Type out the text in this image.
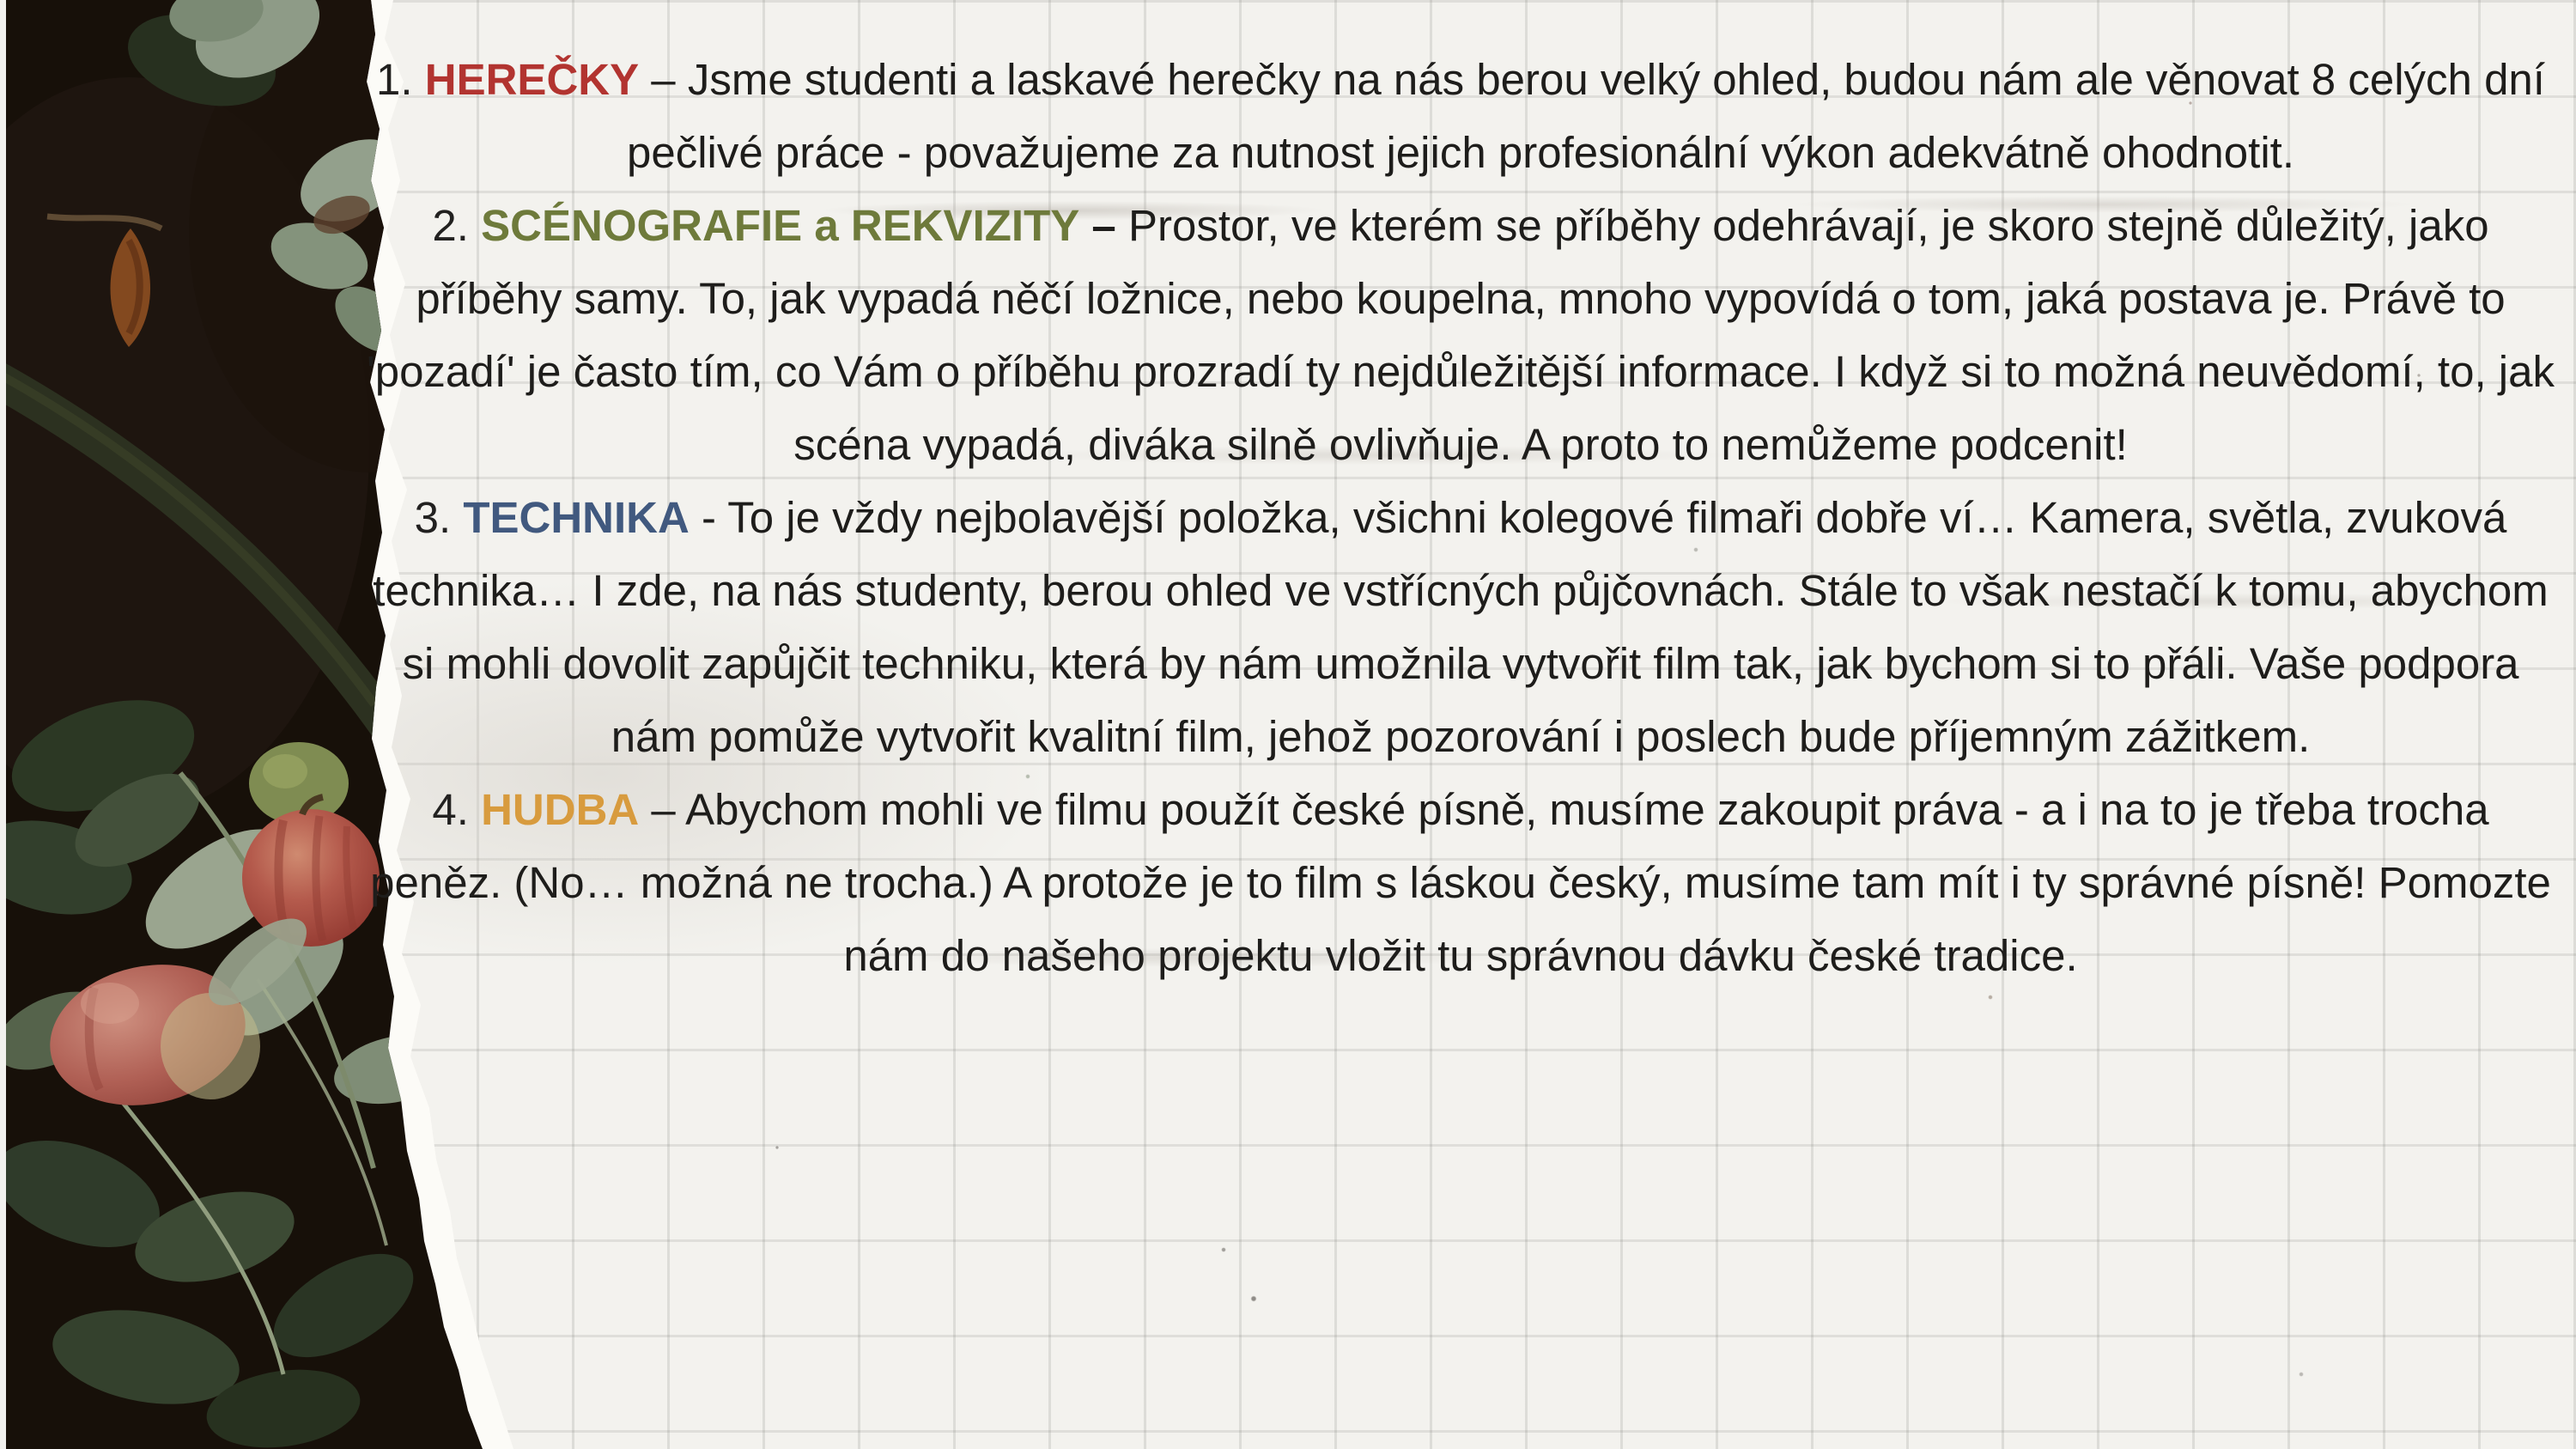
1. HEREČKY – Jsme studenti a laskavé herečky na nás berou velký ohled, budou nám ale věnovat 8 celých dní pečlivé práce - považujeme za nutnost jejich profesionální výkon adekvátně ohodnotit.

2. SCÉNOGRAFIE a REKVIZITY – Prostor, ve kterém se příběhy odehrávají, je skoro stejně důležitý, jako příběhy samy. To, jak vypadá něčí ložnice, nebo koupelna, mnoho vypovídá o tom, jaká postava je. Právě to 'pozadí' je často tím, co Vám o příběhu prozradí ty nejdůležitější informace. I když si to možná neuvědomí, to, jak scéna vypadá, diváka silně ovlivňuje. A proto to nemůžeme podcenit!

3. TECHNIKA - To je vždy nejbolavější položka, všichni kolegové filmaři dobře ví… Kamera, světla, zvuková technika… I zde, na nás studenty, berou ohled ve vstřícných půjčovnách. Stále to však nestačí k tomu, abychom si mohli dovolit zapůjčit techniku, která by nám umožnila vytvořit film tak, jak bychom si to přáli. Vaše podpora nám pomůže vytvořit kvalitní film, jehož pozorování i poslech bude příjemným zážitkem.

4. HUDBA – Abychom mohli ve filmu použít české písně, musíme zakoupit práva - a i na to je třeba trocha peněz. (No… možná ne trocha.) A protože je to film s láskou český, musíme tam mít i ty správné písně! Pomozte nám do našeho projektu vložit tu správnou dávku české tradice.
